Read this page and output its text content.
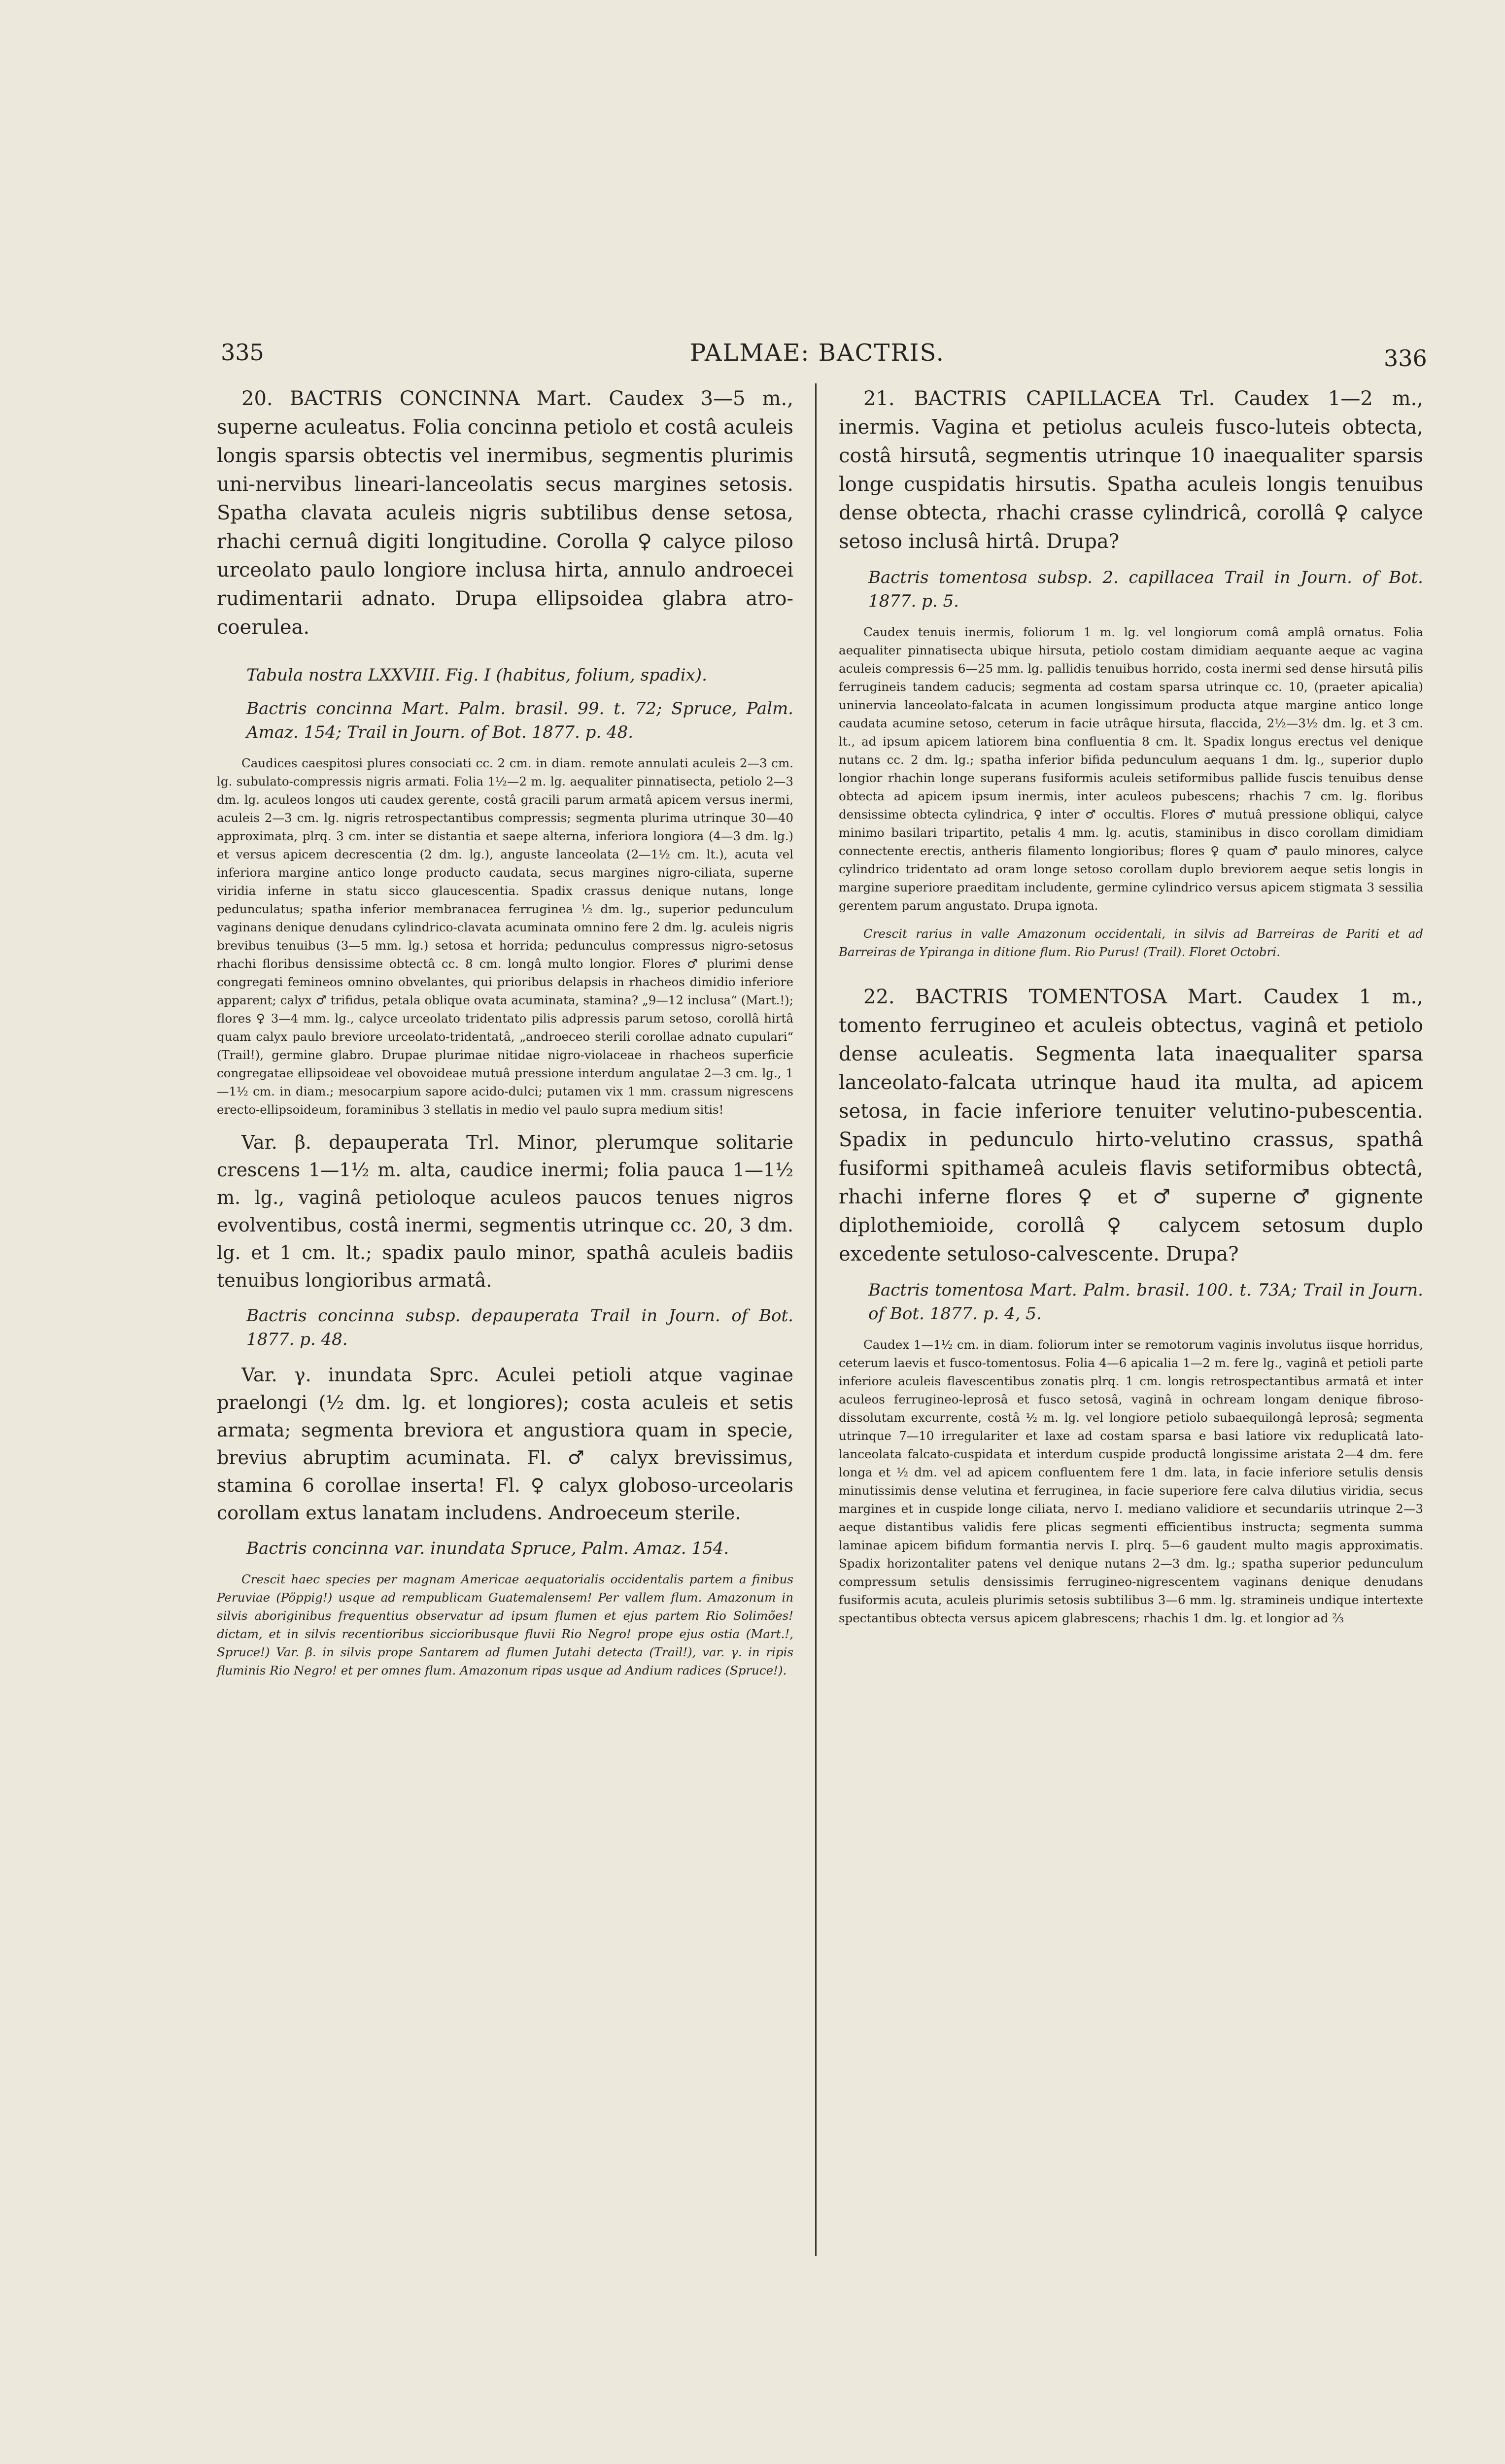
335	PALMAE: BACTRIS.	336

20. BACTRIS CONCINNA Mart. Caudex 3—5 m., superne aculeatus. Folia concinna petiolo et costâ aculeis longis sparsis obtectis vel inermibus, segmentis plurimis uni-nervibus lineari-lanceolatis secus margines setosis. Spatha clavata aculeis nigris subtilibus dense setosa, rhachi cernuâ digiti longitudine. Corolla ♀ calyce piloso urceolato paulo longiore inclusa hirta, annulo androecei rudimentarii adnato. Drupa ellipsoidea glabra atro-coerulea.

Tabula nostra LXXVIII. Fig. I (habitus, folium, spadix).

Bactris concinna Mart. Palm. brasil. 99. t. 72; Spruce, Palm. Amaz. 154; Trail in Journ. of Bot. 1877. p. 48.

Caudices caespitosi plures consociati cc. 2 cm. in diam. remote annulati aculeis 2—3 cm. lg. subulato-compressis nigris armati. Folia 1½—2 m. lg. aequaliter pinnatisecta, petiolo 2—3 dm. lg. aculeos longos uti caudex gerente, costâ gracili parum armatâ apicem versus inermi, aculeis 2—3 cm. lg. nigris retrospectantibus compressis; segmenta plurima utrinque 30—40 approximata, plrq. 3 cm. inter se distantia et saepe alterna, inferiora longiora (4—3 dm. lg.) et versus apicem decrescentia (2 dm. lg.), anguste lanceolata (2—1½ cm. lt.), acuta vel inferiora margine antico longe producto caudata, secus margines nigro-ciliata, superne viridia inferne in statu sicco glaucescentia. Spadix crassus denique nutans, longe pedunculatus; spatha inferior membranacea ferruginea ½ dm. lg., superior pedunculum vaginans denique denudans cylindrico-clavata acuminata omnino fere 2 dm. lg. aculeis nigris brevibus tenuibus (3—5 mm. lg.) setosa et horrida; pedunculus compressus nigro-setosus rhachi floribus densissime obtectâ cc. 8 cm. longâ multo longior. Flores ♂ plurimi dense congregati femineos omnino obvelantes, qui prioribus delapsis in rhacheos dimidio inferiore apparent; calyx ♂ trifidus, petala oblique ovata acuminata, stamina? „9—12 inclusa“ (Mart.!); flores ♀ 3—4 mm. lg., calyce urceolato tridentato pilis adpressis parum setoso, corollâ hirtâ quam calyx paulo breviore urceolato-tridentatâ, „androeceo sterili corollae adnato cupulari“ (Trail!), germine glabro. Drupae plurimae nitidae nigro-violaceae in rhacheos superficie congregatae ellipsoideae vel obovoideae mutuâ pressione interdum angulatae 2—3 cm. lg., 1—1½ cm. in diam.; mesocarpium sapore acido-dulci; putamen vix 1 mm. crassum nigrescens erecto-ellipsoideum, foraminibus 3 stellatis in medio vel paulo supra medium sitis!

Var. β. depauperata Trl. Minor, plerumque solitarie crescens 1—1½ m. alta, caudice inermi; folia pauca 1—1½ m. lg., vaginâ petioloque aculeos paucos tenues nigros evolventibus, costâ inermi, segmentis utrinque cc. 20, 3 dm. lg. et 1 cm. lt.; spadix paulo minor, spathâ aculeis badiis tenuibus longioribus armatâ.

Bactris concinna subsp. depauperata Trail in Journ. of Bot. 1877. p. 48.

Var. γ. inundata Sprc. Aculei petioli atque vaginae praelongi (½ dm. lg. et longiores); costa aculeis et setis armata; segmenta breviora et angustiora quam in specie, brevius abruptim acuminata. Fl. ♂ calyx brevissimus, stamina 6 corollae inserta! Fl. ♀ calyx globoso-urceolaris corollam extus lanatam includens. Androeceum sterile.

Bactris concinna var. inundata Spruce, Palm. Amaz. 154.

Crescit haec species per magnam Americae aequatorialis occidentalis partem a finibus Peruviae (Pöppig!) usque ad rempublicam Guatemalensem! Per vallem flum. Amazonum in silvis aboriginibus frequentius observatur ad ipsum flumen et ejus partem Rio Solimões! dictam, et in silvis recentioribus siccioribusque fluvii Rio Negro! prope ejus ostia (Mart.!, Spruce!) Var. β. in silvis prope Santarem ad flumen Jutahi detecta (Trail!), var. γ. in ripis fluminis Rio Negro! et per omnes flum. Amazonum ripas usque ad Andium radices (Spruce!).

21. BACTRIS CAPILLACEA Trl. Caudex 1—2 m., inermis. Vagina et petiolus aculeis fusco-luteis obtecta, costâ hirsutâ, segmentis utrinque 10 inaequaliter sparsis longe cuspidatis hirsutis. Spatha aculeis longis tenuibus dense obtecta, rhachi crasse cylindricâ, corollâ ♀ calyce setoso inclusâ hirtâ. Drupa?

Bactris tomentosa subsp. 2. capillacea Trail in Journ. of Bot. 1877. p. 5.

Caudex tenuis inermis, foliorum 1 m. lg. vel longiorum comâ amplâ ornatus. Folia aequaliter pinnatisecta ubique hirsuta, petiolo costam dimidiam aequante aeque ac vagina aculeis compressis 6—25 mm. lg. pallidis tenuibus horrido, costa inermi sed dense hirsutâ pilis ferrugineis tandem caducis; segmenta ad costam sparsa utrinque cc. 10, (praeter apicalia) uninervia lanceolato-falcata in acumen longissimum producta atque margine antico longe caudata acumine setoso, ceterum in facie utrâque hirsuta, flaccida, 2½—3½ dm. lg. et 3 cm. lt., ad ipsum apicem latiorem bina confluentia 8 cm. lt. Spadix longus erectus vel denique nutans cc. 2 dm. lg.; spatha inferior bifida pedunculum aequans 1 dm. lg., superior duplo longior rhachin longe superans fusiformis aculeis setiformibus pallide fuscis tenuibus dense obtecta ad apicem ipsum inermis, inter aculeos pubescens; rhachis 7 cm. lg. floribus densissime obtecta cylindrica, ♀ inter ♂ occultis. Flores ♂ mutuâ pressione obliqui, calyce minimo basilari tripartito, petalis 4 mm. lg. acutis, staminibus in disco corollam dimidiam connectente erectis, antheris filamento longioribus; flores ♀ quam ♂ paulo minores, calyce cylindrico tridentato ad oram longe setoso corollam duplo breviorem aeque setis longis in margine superiore praeditam includente, germine cylindrico versus apicem stigmata 3 sessilia gerentem parum angustato. Drupa ignota.

Crescit rarius in valle Amazonum occidentali, in silvis ad Barreiras de Pariti et ad Barreiras de Ypiranga in ditione flum. Rio Purus! (Trail). Floret Octobri.

22. BACTRIS TOMENTOSA Mart. Caudex 1 m., tomento ferrugineo et aculeis obtectus, vaginâ et petiolo dense aculeatis. Segmenta lata inaequaliter sparsa lanceolato-falcata utrinque haud ita multa, ad apicem setosa, in facie inferiore tenuiter velutino-pubescentia. Spadix in pedunculo hirto-velutino crassus, spathâ fusiformi spithameâ aculeis flavis setiformibus obtectâ, rhachi inferne flores ♀ et ♂ superne ♂ gignente diplothemioide, corollâ ♀ calycem setosum duplo excedente setuloso-calvescente. Drupa?

Bactris tomentosa Mart. Palm. brasil. 100. t. 73A; Trail in Journ. of Bot. 1877. p. 4, 5.

Caudex 1—1½ cm. in diam. foliorum inter se remotorum vaginis involutus iisque horridus, ceterum laevis et fusco-tomentosus. Folia 4—6 apicalia 1—2 m. fere lg., vaginâ et petioli parte inferiore aculeis flavescentibus zonatis plrq. 1 cm. longis retrospectantibus armatâ et inter aculeos ferrugineo-leprosâ et fusco setosâ, vaginâ in ochream longam denique fibroso-dissolutam excurrente, costâ ½ m. lg. vel longiore petiolo subaequilongâ leprosâ; segmenta utrinque 7—10 irregulariter et laxe ad costam sparsa e basi latiore vix reduplicatâ lato-lanceolata falcato-cuspidata et interdum cuspide productâ longissime aristata 2—4 dm. fere longa et ½ dm. vel ad apicem confluentem fere 1 dm. lata, in facie inferiore setulis densis minutissimis dense velutina et ferruginea, in facie superiore fere calva dilutius viridia, secus margines et in cuspide longe ciliata, nervo I. mediano validiore et secundariis utrinque 2—3 aeque distantibus validis fere plicas segmenti efficientibus instructa; segmenta summa laminae apicem bifidum formantia nervis I. plrq. 5—6 gaudent multo magis approximatis. Spadix horizontaliter patens vel denique nutans 2—3 dm. lg.; spatha superior pedunculum compressum setulis densissimis ferrugineo-nigrescentem vaginans denique denudans fusiformis acuta, aculeis plurimis setosis subtilibus 3—6 mm. lg. stramineis undique intertexte spectantibus obtecta versus apicem glabrescens; rhachis 1 dm. lg. et longior ad ⅔
